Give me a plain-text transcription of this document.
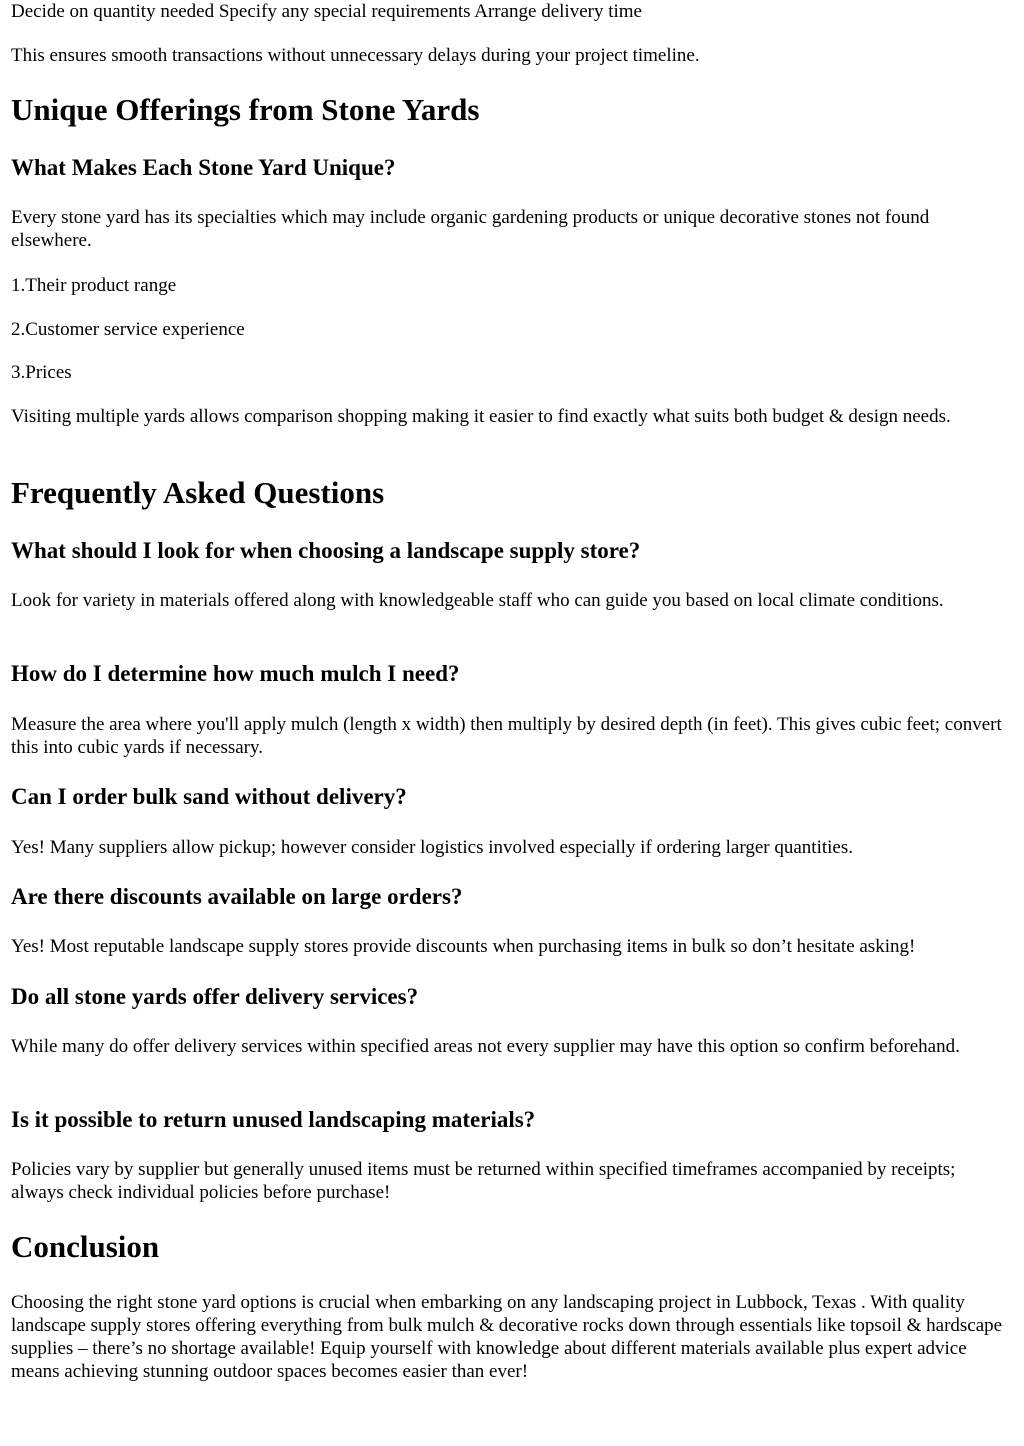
Decide on quantity needed Specify any special requirements Arrange delivery time

This ensures smooth transactions without unnecessary delays during your project timeline.

Unique Offerings from Stone Yards
What Makes Each Stone Yard Unique?

Every stone yard has its specialties which may include organic gardening products or unique decorative stones not found elsewhere.

1.Their product range

2.Customer service experience

3.Prices

Visiting multiple yards allows comparison shopping making it easier to find exactly what suits both budget & design needs.

Frequently Asked Questions
What should I look for when choosing a landscape supply store?

Look for variety in materials offered along with knowledgeable staff who can guide you based on local climate conditions.

How do I determine how much mulch I need?

Measure the area where you'll apply mulch (length x width) then multiply by desired depth (in feet). This gives cubic feet; convert this into cubic yards if necessary.

Can I order bulk sand without delivery?

Yes! Many suppliers allow pickup; however consider logistics involved especially if ordering larger quantities.

Are there discounts available on large orders?

Yes! Most reputable landscape supply stores provide discounts when purchasing items in bulk so don’t hesitate asking!

Do all stone yards offer delivery services?

While many do offer delivery services within specified areas not every supplier may have this option so confirm beforehand.

Is it possible to return unused landscaping materials?

Policies vary by supplier but generally unused items must be returned within specified timeframes accompanied by receipts; always check individual policies before purchase!

Conclusion

Choosing the right stone yard options is crucial when embarking on any landscaping project in Lubbock, Texas . With quality landscape supply stores offering everything from bulk mulch & decorative rocks down through essentials like topsoil & hardscape supplies – there’s no shortage available! Equip yourself with knowledge about different materials available plus expert advice means achieving stunning outdoor spaces becomes easier than ever!
